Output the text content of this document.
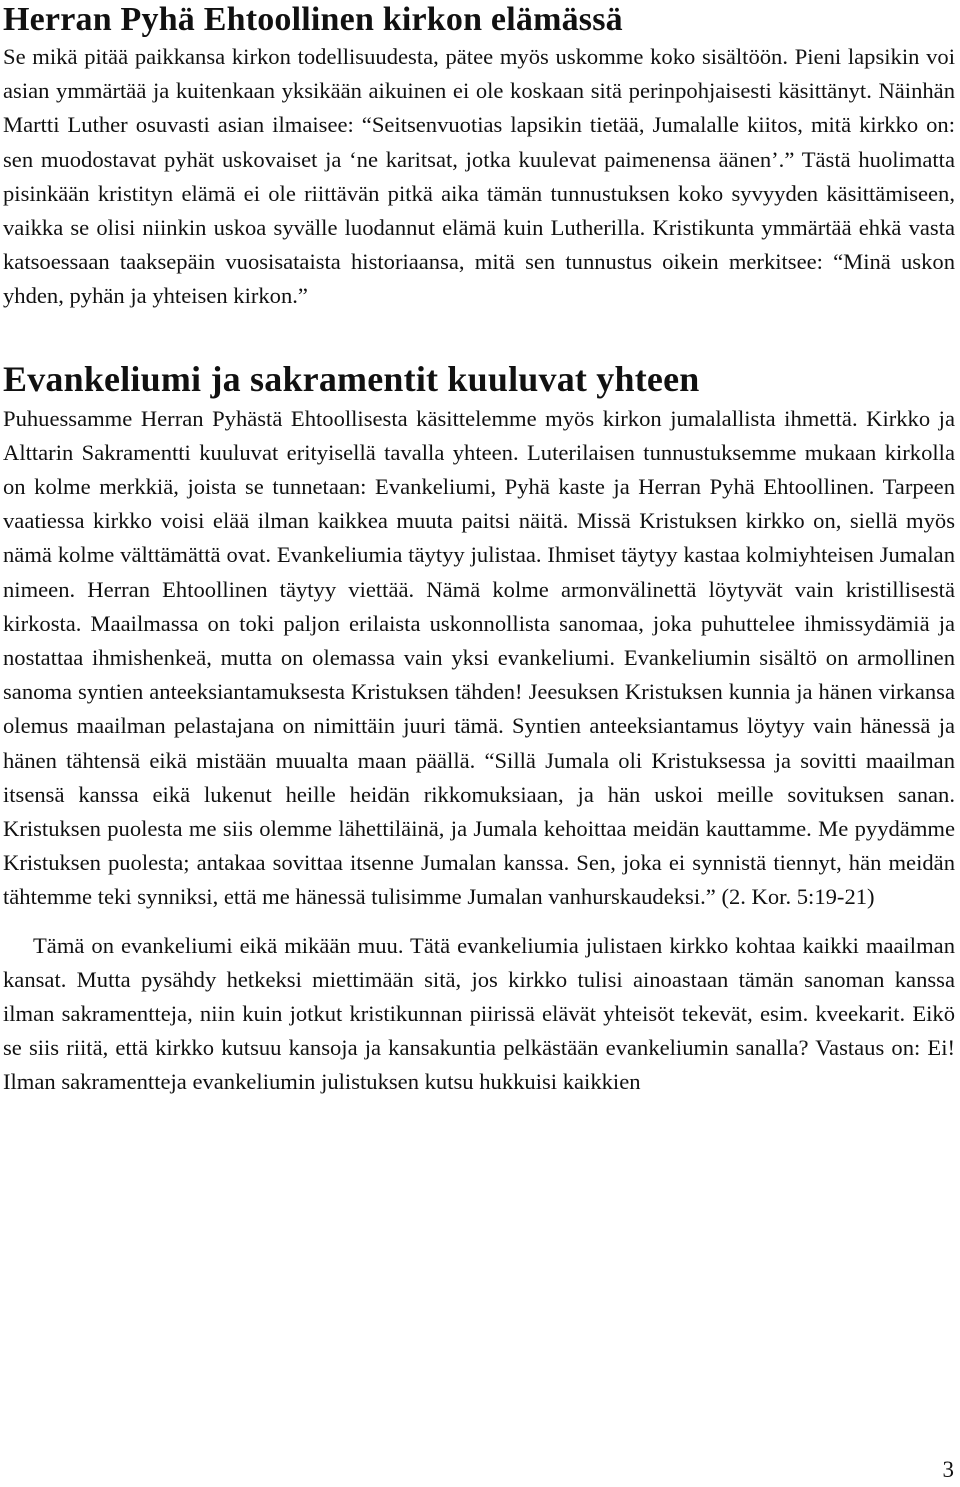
Herran Pyhä Ehtoollinen kirkon elämässä

Se mikä pitää paikkansa kirkon todellisuudesta, pätee myös uskomme koko sisältöön. Pieni lapsikin voi asian ymmärtää ja kuitenkaan yksikään aikuinen ei ole koskaan sitä perinpohjaisesti käsittänyt. Näinhän Martti Luther osuvasti asian ilmaisee: “Seitsenvuotias lapsikin tietää, Jumalalle kiitos, mitä kirkko on: sen muodostavat pyhät uskovaiset ja ‘ne karitsat, jotka kuulevat paimenensa äänen’.” Tästä huolimatta pisinkään kristityn elämä ei ole riittävän pitkä aika tämän tunnustuksen koko syvyyden käsittämiseen, vaikka se olisi niinkin uskoa syvälle luodannut elämä kuin Lutherilla. Kristikunta ymmärtää ehkä vasta katsoessaan taaksepäin vuosisataista historiaansa, mitä sen tunnustus oikein merkitsee: “Minä uskon yhden, pyhän ja yhteisen kirkon.”

Evankeliumi ja sakramentit kuuluvat yhteen

Puhuessamme Herran Pyhästä Ehtoollisesta käsittelemme myös kirkon jumalallista ihmettä. Kirkko ja Alttarin Sakramentti kuuluvat erityisellä tavalla yhteen. Luterilaisen tunnustuksemme mukaan kirkolla on kolme merkkiä, joista se tunnetaan: Evankeliumi, Pyhä kaste ja Herran Pyhä Ehtoollinen. Tarpeen vaatiessa kirkko voisi elää ilman kaikkea muuta paitsi näitä. Missä Kristuksen kirkko on, siellä myös nämä kolme välttämättä ovat. Evankeliumia täytyy julistaa. Ihmiset täytyy kastaa kolmiyhteisen Jumalan nimeen. Herran Ehtoollinen täytyy viettää. Nämä kolme armonvälinettä löytyvät vain kristillisestä kirkosta. Maailmassa on toki paljon erilaista uskonnollista sanomaa, joka puhuttelee ihmissydämiä ja nostattaa ihmishenkeä, mutta on olemassa vain yksi evankeliumi. Evankeliumin sisältö on armollinen sanoma syntien anteeksiantamuksesta Kristuksen tähden! Jeesuksen Kristuksen kunnia ja hänen virkansa olemus maailman pelastajana on nimittäin juuri tämä. Syntien anteeksiantamus löytyy vain hänessä ja hänen tähtensä eikä mistään muualta maan päällä. “Sillä Jumala oli Kristuksessa ja sovitti maailman itsensä kanssa eikä lukenut heille heidän rikkomuksiaan, ja hän uskoi meille sovituksen sanan. Kristuksen puolesta me siis olemme lähettiläinä, ja Jumala kehoittaa meidän kauttamme. Me pyydämme Kristuksen puolesta; antakaa sovittaa itsenne Jumalan kanssa. Sen, joka ei synnistä tiennyt, hän meidän tähtemme teki synniksi, että me hänessä tulisimme Jumalan vanhurskaudeksi.” (2. Kor. 5:19-21)

Tämä on evankeliumi eikä mikään muu. Tätä evankeliumia julistaen kirkko kohtaa kaikki maailman kansat. Mutta pysähdy hetkeksi miettimään sitä, jos kirkko tulisi ainoastaan tämän sanoman kanssa ilman sakramentteja, niin kuin jotkut kristikunnan piirissä elävät yhteisöt tekevät, esim. kveekarit. Eikö se siis riitä, että kirkko kutsuu kansoja ja kansakuntia pelkästään evankeliumin sanalla? Vastaus on: Ei! Ilman sakramentteja evankeliumin julistuksen kutsu hukkuisi kaikkien

3
